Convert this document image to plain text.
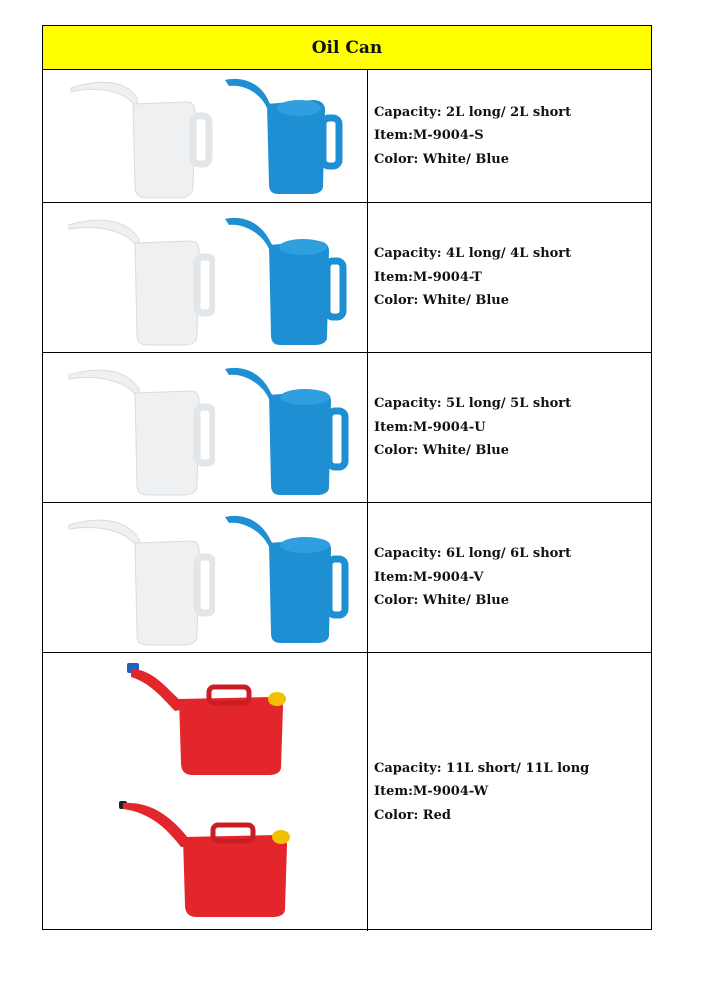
Oil Can
Capacity: 2L long/ 2L short
Item:M-9004-S
Color: White/ Blue
Capacity: 4L long/ 4L short
Item:M-9004-T
Color: White/ Blue
Capacity: 5L long/ 5L short
Item:M-9004-U
Color: White/ Blue
Capacity: 6L long/ 6L short
Item:M-9004-V
Color: White/ Blue
Capacity: 11L short/ 11L long
Item:M-9004-W
Color: Red
